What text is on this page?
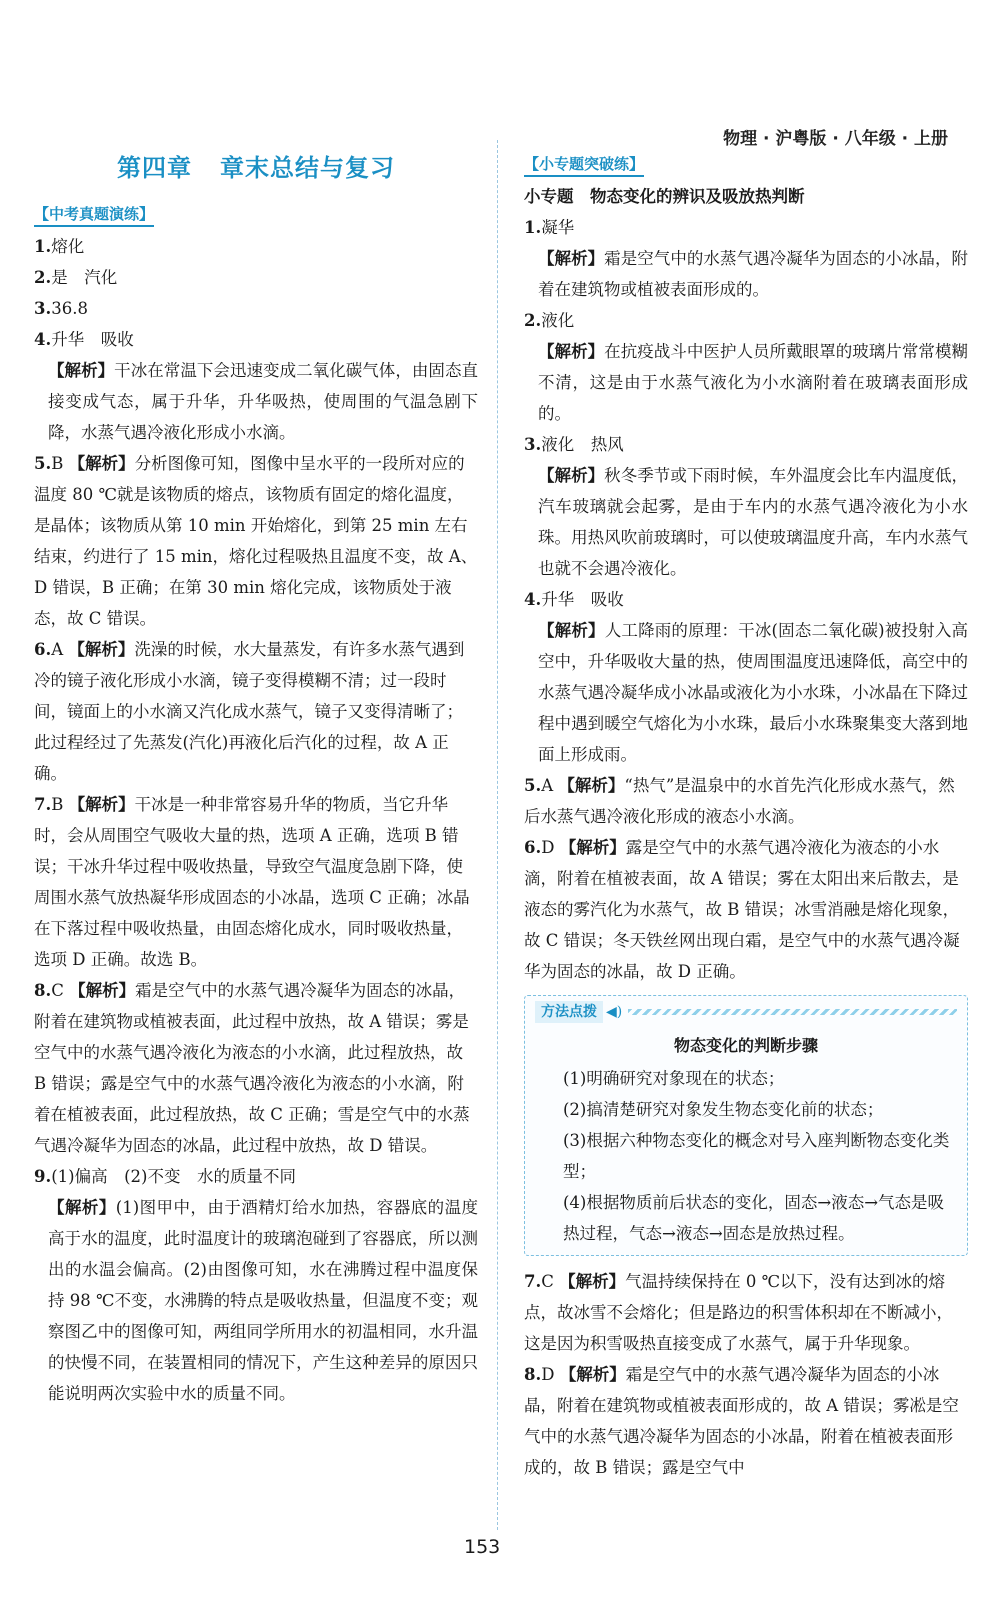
物理 · 沪粤版 · 八年级 · 上册
第四章 章末总结与复习
【中考真题演练】
1.熔化
2.是　汽化
3.36.8
4.升华　吸收
【解析】干冰在常温下会迅速变成二氧化碳气体，由固态直接变成气态，属于升华，升华吸热，使周围的气温急剧下降，水蒸气遇冷液化形成小水滴。
5.B 【解析】分析图像可知，图像中呈水平的一段所对应的温度 80 ℃就是该物质的熔点，该物质有固定的熔化温度，是晶体；该物质从第 10 min 开始熔化，到第 25 min 左右结束，约进行了 15 min，熔化过程吸热且温度不变，故 A、D 错误，B 正确；在第 30 min 熔化完成，该物质处于液态，故 C 错误。
6.A 【解析】洗澡的时候，水大量蒸发，有许多水蒸气遇到冷的镜子液化形成小水滴，镜子变得模糊不清；过一段时间，镜面上的小水滴又汽化成水蒸气，镜子又变得清晰了；此过程经过了先蒸发(汽化)再液化后汽化的过程，故 A 正确。
7.B 【解析】干冰是一种非常容易升华的物质，当它升华时，会从周围空气吸收大量的热，选项 A 正确，选项 B 错误；干冰升华过程中吸收热量，导致空气温度急剧下降，使周围水蒸气放热凝华形成固态的小冰晶，选项 C 正确；冰晶在下落过程中吸收热量，由固态熔化成水，同时吸收热量，选项 D 正确。故选 B。
8.C 【解析】霜是空气中的水蒸气遇冷凝华为固态的冰晶，附着在建筑物或植被表面，此过程中放热，故 A 错误；雾是空气中的水蒸气遇冷液化为液态的小水滴，此过程放热，故 B 错误；露是空气中的水蒸气遇冷液化为液态的小水滴，附着在植被表面，此过程放热，故 C 正确；雪是空气中的水蒸气遇冷凝华为固态的冰晶，此过程中放热，故 D 错误。
9.(1)偏高　(2)不变　水的质量不同
【解析】(1)图甲中，由于酒精灯给水加热，容器底的温度高于水的温度，此时温度计的玻璃泡碰到了容器底，所以测出的水温会偏高。(2)由图像可知，水在沸腾过程中温度保持 98 ℃不变，水沸腾的特点是吸收热量，但温度不变；观察图乙中的图像可知，两组同学所用水的初温相同，水升温的快慢不同，在装置相同的情况下，产生这种差异的原因只能说明两次实验中水的质量不同。
【小专题突破练】
小专题　物态变化的辨识及吸放热判断
1.凝华
【解析】霜是空气中的水蒸气遇冷凝华为固态的小冰晶，附着在建筑物或植被表面形成的。
2.液化
【解析】在抗疫战斗中医护人员所戴眼罩的玻璃片常常模糊不清，这是由于水蒸气液化为小水滴附着在玻璃表面形成的。
3.液化　热风
【解析】秋冬季节或下雨时候，车外温度会比车内温度低，汽车玻璃就会起雾，是由于车内的水蒸气遇冷液化为小水珠。用热风吹前玻璃时，可以使玻璃温度升高，车内水蒸气也就不会遇冷液化。
4.升华　吸收
【解析】人工降雨的原理：干冰(固态二氧化碳)被投射入高空中，升华吸收大量的热，使周围温度迅速降低，高空中的水蒸气遇冷凝华成小冰晶或液化为小水珠，小冰晶在下降过程中遇到暖空气熔化为小水珠，最后小水珠聚集变大落到地面上形成雨。
5.A 【解析】“热气”是温泉中的水首先汽化形成水蒸气，然后水蒸气遇冷液化形成的液态小水滴。
6.D 【解析】露是空气中的水蒸气遇冷液化为液态的小水滴，附着在植被表面，故 A 错误；雾在太阳出来后散去，是液态的雾汽化为水蒸气，故 B 错误；冰雪消融是熔化现象，故 C 错误；冬天铁丝网出现白霜，是空气中的水蒸气遇冷凝华为固态的冰晶，故 D 正确。
方法点拨 ◀)
物态变化的判断步骤
(1)明确研究对象现在的状态；
(2)搞清楚研究对象发生物态变化前的状态；
(3)根据六种物态变化的概念对号入座判断物态变化类型；
(4)根据物质前后状态的变化，固态→液态→气态是吸热过程，气态→液态→固态是放热过程。
7.C 【解析】气温持续保持在 0 ℃以下，没有达到冰的熔点，故冰雪不会熔化；但是路边的积雪体积却在不断减小，这是因为积雪吸热直接变成了水蒸气，属于升华现象。
8.D 【解析】霜是空气中的水蒸气遇冷凝华为固态的小冰晶，附着在建筑物或植被表面形成的，故 A 错误；雾凇是空气中的水蒸气遇冷凝华为固态的小冰晶，附着在植被表面形成的，故 B 错误；露是空气中
153
